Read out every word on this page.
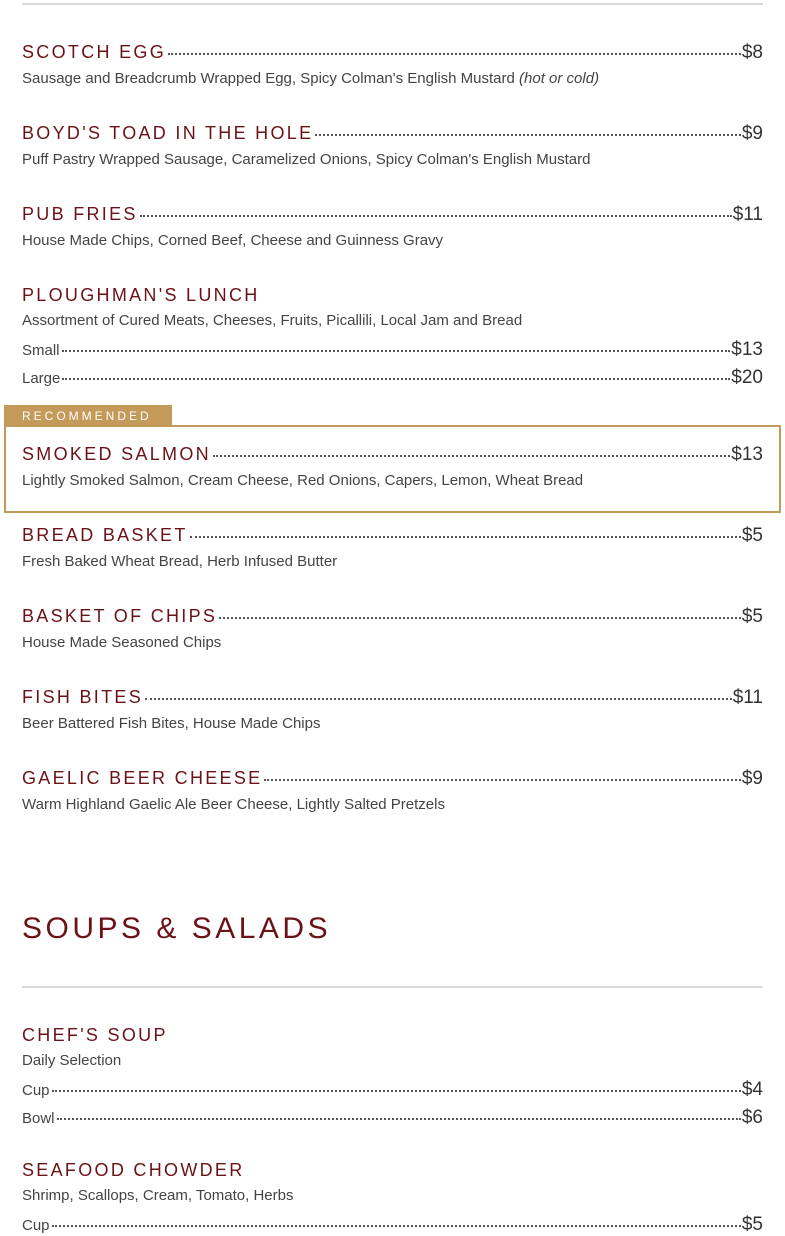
SCOTCH EGG	$8
Sausage and Breadcrumb Wrapped Egg, Spicy Colman's English Mustard (hot or cold)
BOYD'S TOAD IN THE HOLE	$9
Puff Pastry Wrapped Sausage, Caramelized Onions, Spicy Colman's English Mustard
PUB FRIES	$11
House Made Chips, Corned Beef, Cheese and Guinness Gravy
PLOUGHMAN'S LUNCH
Assortment of Cured Meats, Cheeses, Fruits, Picallili, Local Jam and Bread
Small	$13
Large	$20
RECOMMENDED
SMOKED SALMON	$13
Lightly Smoked Salmon, Cream Cheese, Red Onions, Capers, Lemon, Wheat Bread
BREAD BASKET	$5
Fresh Baked Wheat Bread, Herb Infused Butter
BASKET OF CHIPS	$5
House Made Seasoned Chips
FISH BITES	$11
Beer Battered Fish Bites, House Made Chips
GAELIC BEER CHEESE	$9
Warm Highland Gaelic Ale Beer Cheese, Lightly Salted Pretzels
SOUPS & SALADS
CHEF'S SOUP
Daily Selection
Cup	$4
Bowl	$6
SEAFOOD CHOWDER
Shrimp, Scallops, Cream, Tomato, Herbs
Cup	$5
